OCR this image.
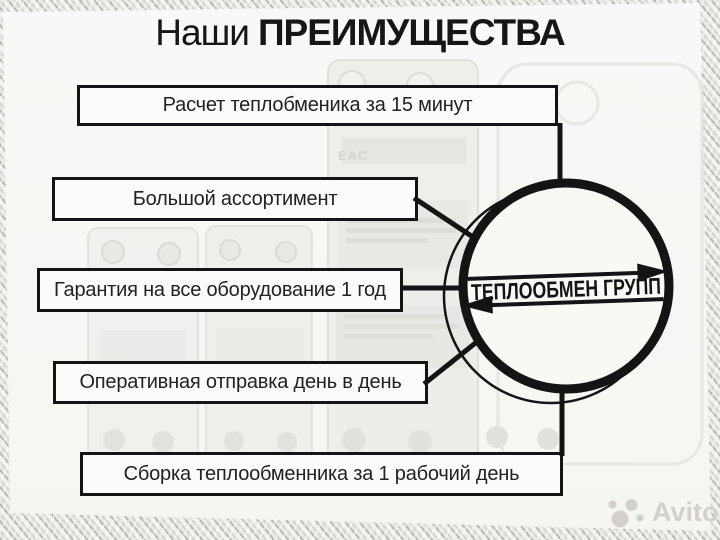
EAC
Наши ПРЕИМУЩЕСТВА
Расчет теплобменика за 15 минут
Большой ассортимент
Гарантия на все оборудование 1 год
Оперативная отправка день в день
Сборка теплообменника за 1 рабочий день
ТЕПЛООБМЕН ГРУПП
Avito
